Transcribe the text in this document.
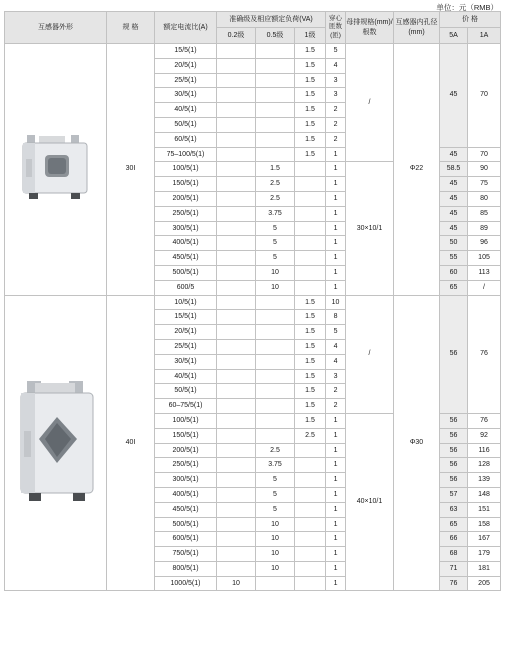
单位：元（RMB）
互感器外形	规 格	额定电流比(A)	准确级及相应额定负荷(VA)			穿心匝数(匝)	母排规格(mm)/根数	互感器内孔径(mm)	价 格	
			0.2级	0.5级	1级				5A	1A

	30I	15/5(1)			1.5	5	/	Φ22	45	70
		20/5(1)			1.5	4				
		25/5(1)			1.5	3				
		30/5(1)			1.5	3				
		40/5(1)			1.5	2				
		50/5(1)			1.5	2				
		60/5(1)			1.5	2				
		75–100/5(1)			1.5	1			45	70
		100/5(1)		1.5		1	30×10/1		58.5	90
		150/5(1)		2.5		1			45	75
		200/5(1)		2.5		1			45	80
		250/5(1)		3.75		1			45	85
		300/5(1)		5		1			45	89
		400/5(1)		5		1			50	96
		450/5(1)		5		1			55	105
		500/5(1)		10		1			60	113
		600/5		10		1			65	/

	40I	10/5(1)			1.5	10	/	Φ30	56	76
		15/5(1)			1.5	8				
		20/5(1)			1.5	5				
		25/5(1)			1.5	4				
		30/5(1)			1.5	4				
		40/5(1)			1.5	3				
		50/5(1)			1.5	2				
		60–75/5(1)			1.5	2				
		100/5(1)			1.5	1	40×10/1		56	76
		150/5(1)			2.5	1			56	92
		200/5(1)		2.5		1			56	116
		250/5(1)		3.75		1			56	128
		300/5(1)		5		1			56	139
		400/5(1)		5		1			57	148
		450/5(1)		5		1			63	151
		500/5(1)		10		1			65	158
		600/5(1)		10		1			66	167
		750/5(1)		10		1			68	179
		800/5(1)		10		1			71	181
		1000/5(1)	10			1			76	205
